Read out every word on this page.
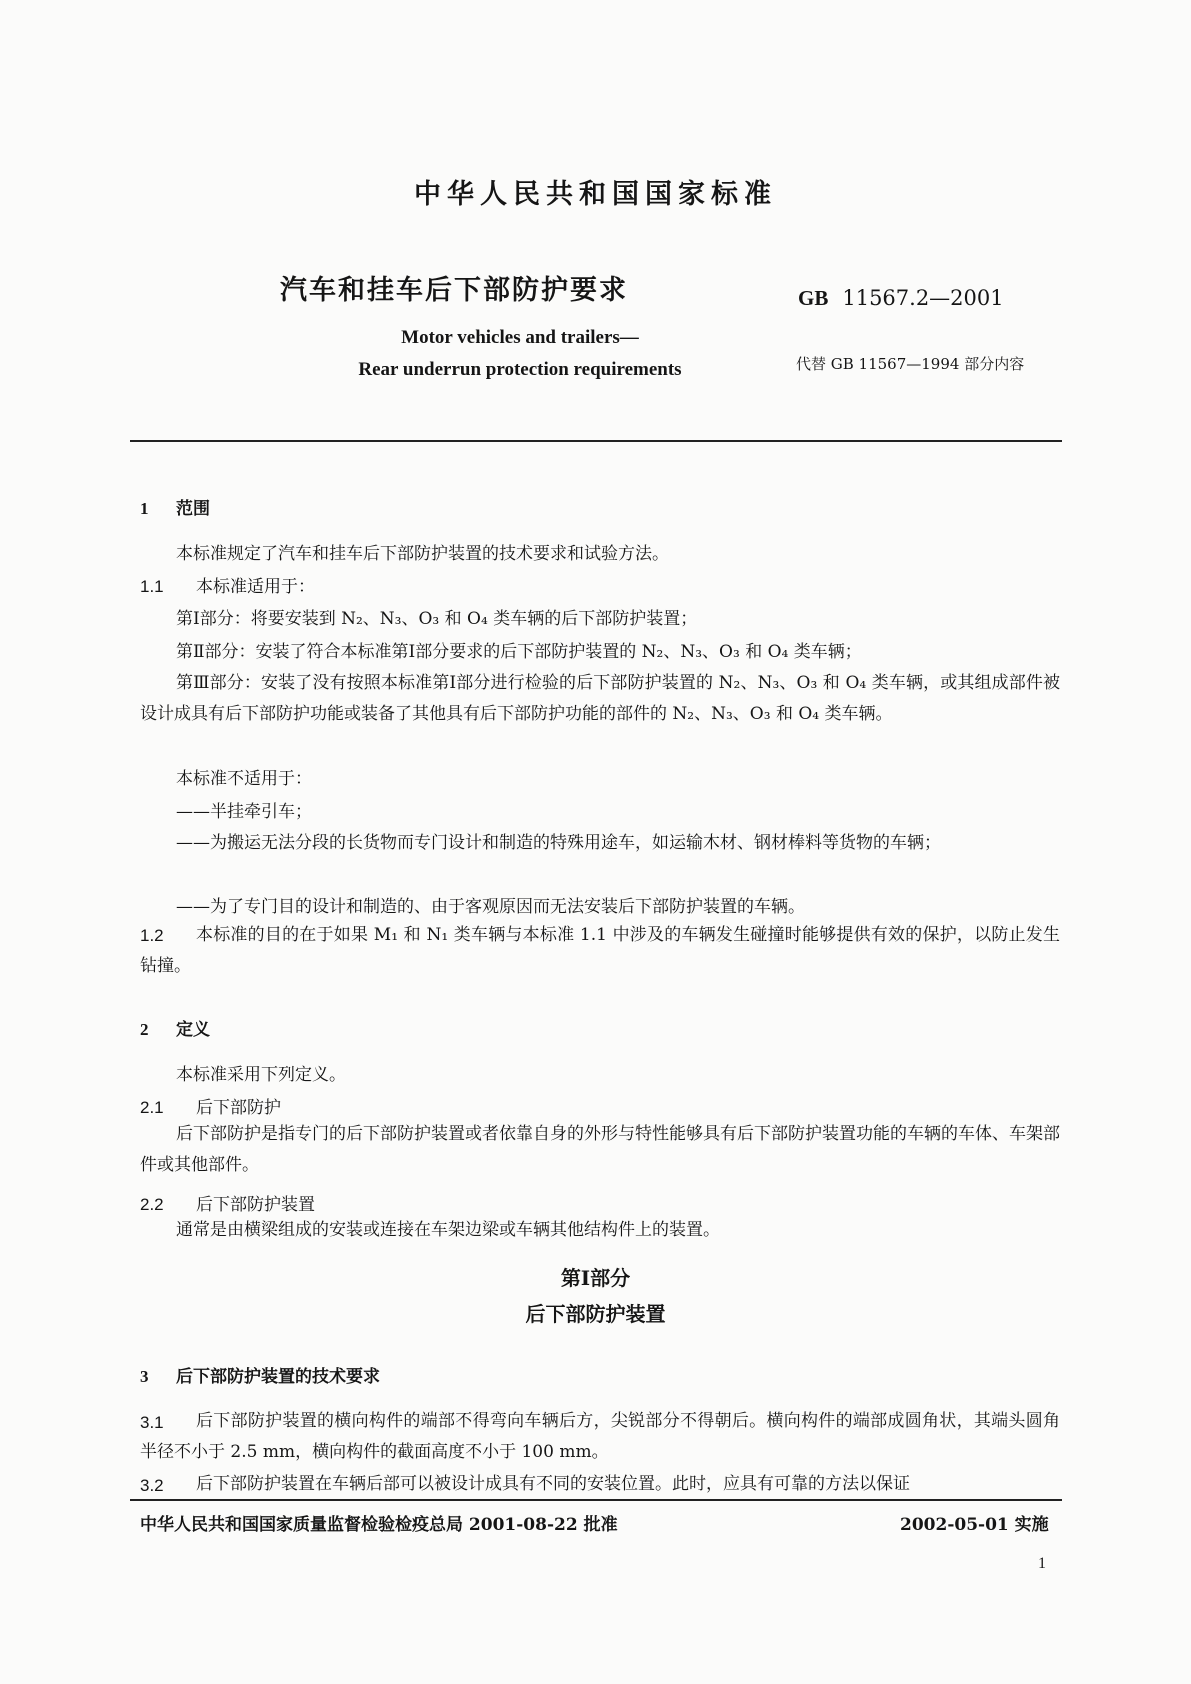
中华人民共和国国家标准
汽车和挂车后下部防护要求	GB 11567.2—2001
Motor vehicles and trailers—
Rear underrun protection requirements	代替 GB 11567—1994 部分内容
1 范围
本标准规定了汽车和挂车后下部防护装置的技术要求和试验方法。
1.1 本标准适用于：
第Ⅰ部分：将要安装到 N₂、N₃、O₃ 和 O₄ 类车辆的后下部防护装置；
第Ⅱ部分：安装了符合本标准第Ⅰ部分要求的后下部防护装置的 N₂、N₃、O₃ 和 O₄ 类车辆；
第Ⅲ部分：安装了没有按照本标准第Ⅰ部分进行检验的后下部防护装置的 N₂、N₃、O₃ 和 O₄ 类车辆，或其组成部件被设计成具有后下部防护功能或装备了其他具有后下部防护功能的部件的 N₂、N₃、O₃ 和 O₄ 类车辆。
本标准不适用于：
——半挂牵引车；
——为搬运无法分段的长货物而专门设计和制造的特殊用途车，如运输木材、钢材棒料等货物的车辆；
——为了专门目的设计和制造的、由于客观原因而无法安装后下部防护装置的车辆。
1.2	本标准的目的在于如果 M₁ 和 N₁ 类车辆与本标准 1.1 中涉及的车辆发生碰撞时能够提供有效的保护，以防止发生钻撞。
2 定义
本标准采用下列定义。
2.1 后下部防护
后下部防护是指专门的后下部防护装置或者依靠自身的外形与特性能够具有后下部防护装置功能的车辆的车体、车架部件或其他部件。
2.2 后下部防护装置
通常是由横梁组成的安装或连接在车架边梁或车辆其他结构件上的装置。
第Ⅰ部分
后下部防护装置
3 后下部防护装置的技术要求
3.1	后下部防护装置的横向构件的端部不得弯向车辆后方，尖锐部分不得朝后。横向构件的端部成圆角状，其端头圆角半径不小于 2.5 mm，横向构件的截面高度不小于 100 mm。
3.2	后下部防护装置在车辆后部可以被设计成具有不同的安装位置。此时，应具有可靠的方法以保证
中华人民共和国国家质量监督检验检疫总局 2001-08-22 批准	2002-05-01 实施
1
